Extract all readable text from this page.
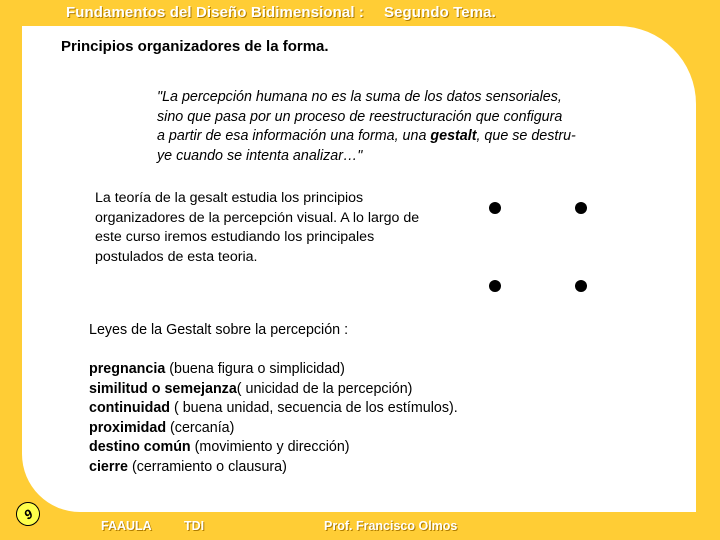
Fundamentos del Diseño Bidimensional : Segundo Tema.
Principios organizadores de la forma.
"La percepción humana no es la suma de los datos sensoriales,
sino que pasa por un proceso de reestructuración que configura
a partir de esa información una forma, una gestalt, que se destru-
ye cuando se intenta analizar…"
La teoría de la gesalt estudia los principios organizadores de la percepción visual. A lo largo de este curso iremos estudiando los principales postulados de esta teoria.
Leyes de la Gestalt sobre la percepción :
pregnancia (buena figura o simplicidad)
similitud o semejanza( unicidad de la percepción)
continuidad ( buena unidad, secuencia de los estímulos).
proximidad (cercanía)
destino común (movimiento y dirección)
cierre (cerramiento o clausura)
9
FAAULA	TDI	Prof. Francisco Olmos
